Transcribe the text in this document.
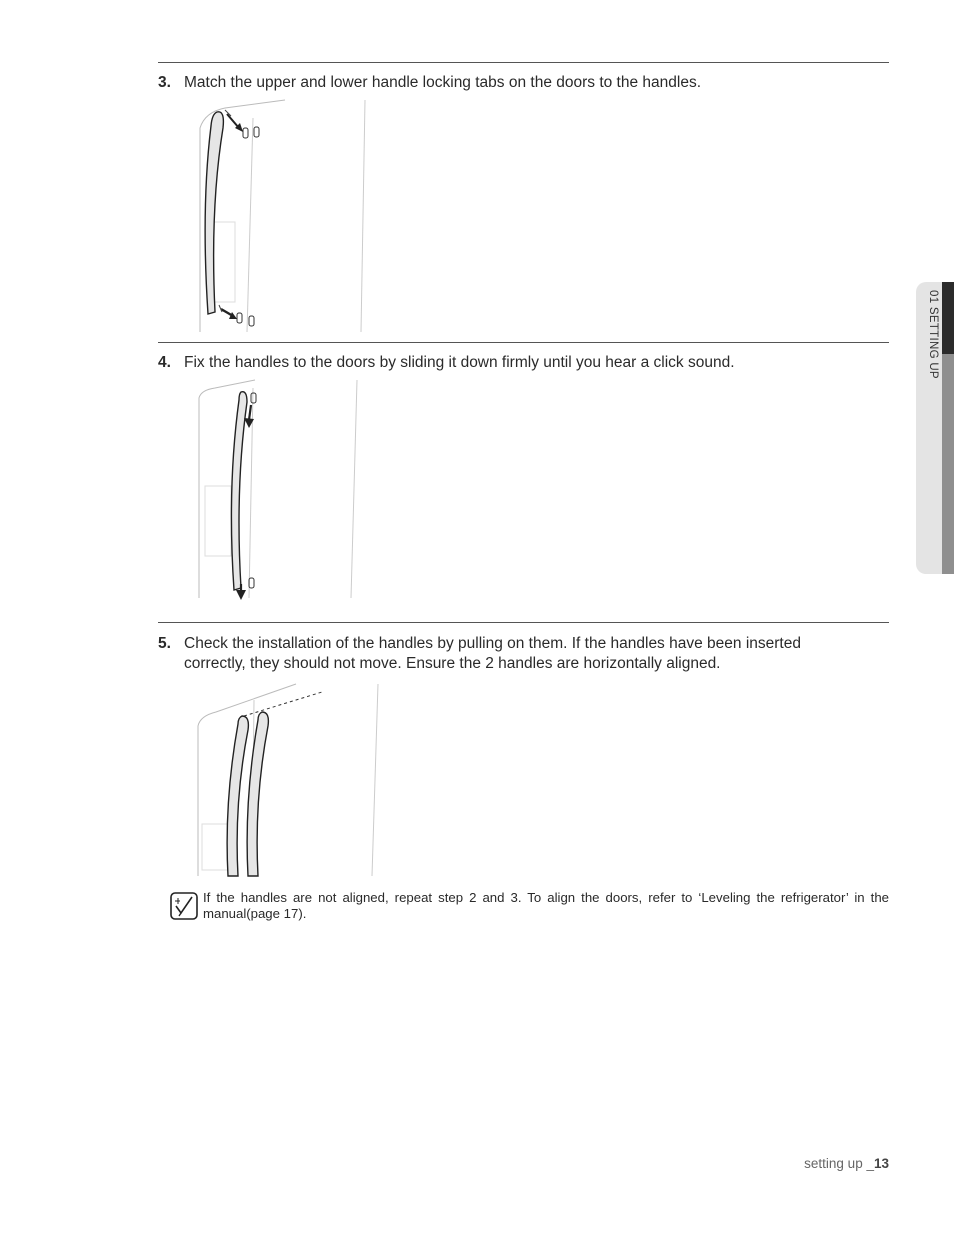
3. Match the upper and lower handle locking tabs on the doors to the handles.
4. Fix the handles to the doors by sliding it down firmly until you hear a click sound.
5. Check the installation of the handles by pulling on them. If the handles have been inserted
correctly, they should not move. Ensure the 2 handles are horizontally aligned.
If the handles are not aligned, repeat step 2 and 3. To align the doors, refer to ‘Leveling the refrigerator’ in the manual(page 17).
01 SETTING UP
setting up _13
